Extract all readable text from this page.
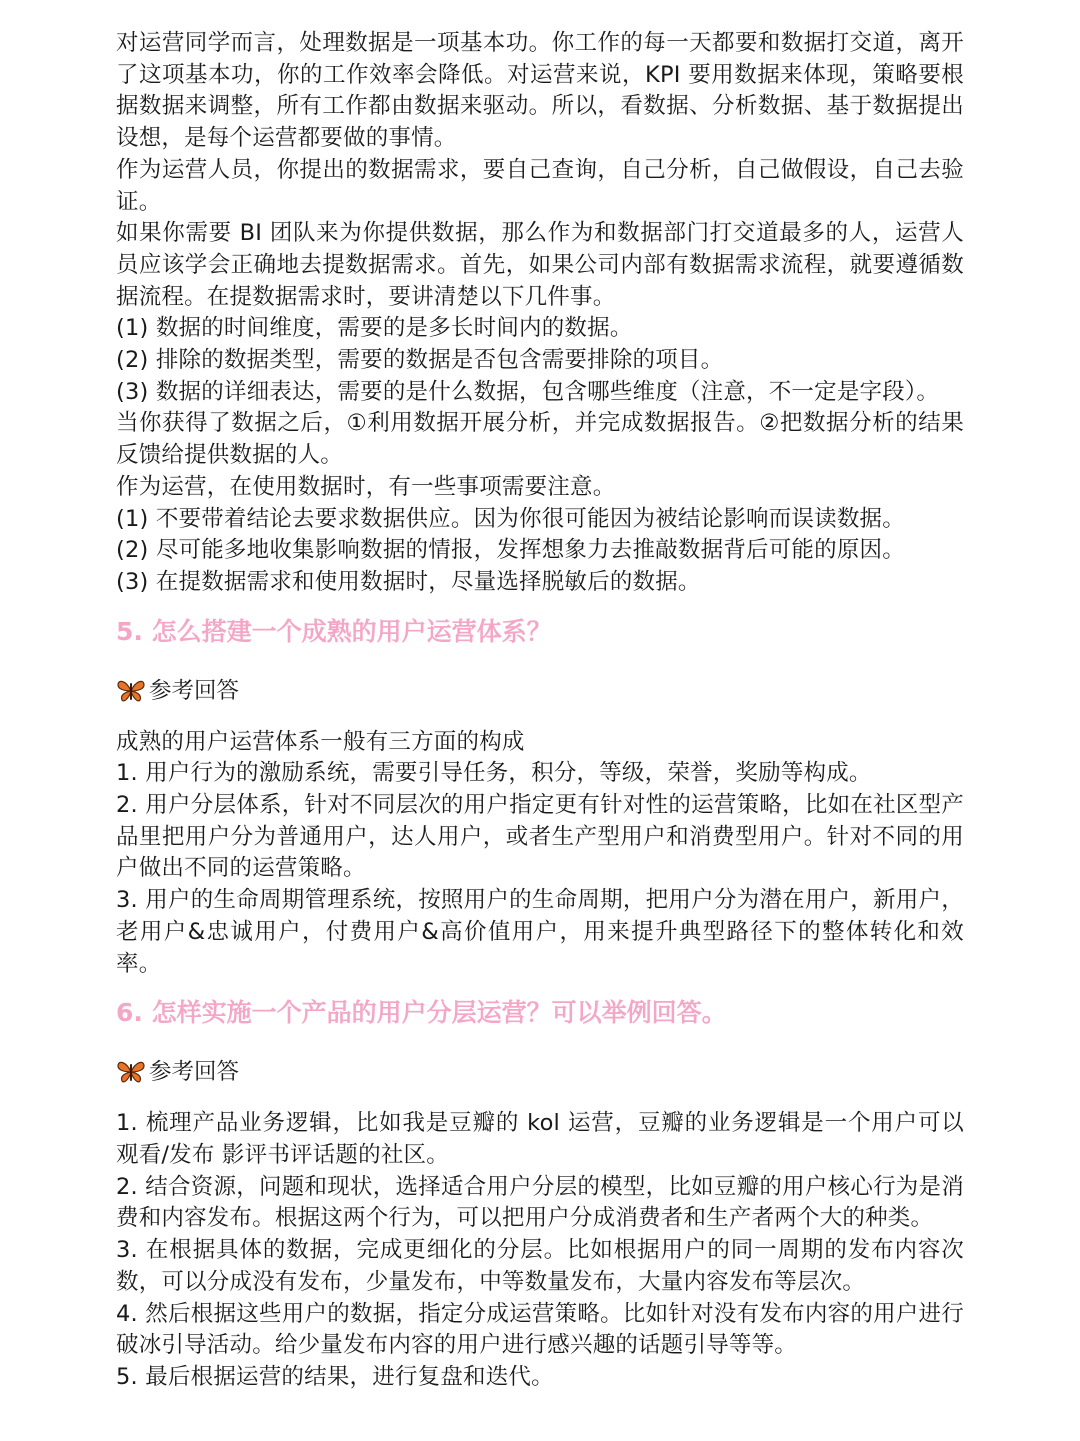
对运营同学而言，处理数据是一项基本功。你工作的每一天都要和数据打交道，离开了这项基本功，你的工作效率会降低。对运营来说，KPI 要用数据来体现，策略要根据数据来调整，所有工作都由数据来驱动。所以，看数据、分析数据、基于数据提出设想，是每个运营都要做的事情。

作为运营人员，你提出的数据需求，要自己查询，自己分析，自己做假设，自己去验证。

如果你需要 BI 团队来为你提供数据，那么作为和数据部门打交道最多的人，运营人员应该学会正确地去提数据需求。首先，如果公司内部有数据需求流程，就要遵循数据流程。在提数据需求时，要讲清楚以下几件事。

(1) 数据的时间维度，需要的是多长时间内的数据。

(2) 排除的数据类型，需要的数据是否包含需要排除的项目。

(3) 数据的详细表达，需要的是什么数据，包含哪些维度（注意，不一定是字段）。

当你获得了数据之后，①利用数据开展分析，并完成数据报告。②把数据分析的结果反馈给提供数据的人。

作为运营，在使用数据时，有一些事项需要注意。

(1) 不要带着结论去要求数据供应。因为你很可能因为被结论影响而误读数据。

(2) 尽可能多地收集影响数据的情报，发挥想象力去推敲数据背后可能的原因。

(3) 在提数据需求和使用数据时，尽量选择脱敏后的数据。

5. 怎么搭建一个成熟的用户运营体系？

参考回答

成熟的用户运营体系一般有三方面的构成

1. 用户行为的激励系统，需要引导任务，积分，等级，荣誉，奖励等构成。

2. 用户分层体系，针对不同层次的用户指定更有针对性的运营策略，比如在社区型产品里把用户分为普通用户，达人用户，或者生产型用户和消费型用户。针对不同的用户做出不同的运营策略。

3. 用户的生命周期管理系统，按照用户的生命周期，把用户分为潜在用户，新用户，老用户&忠诚用户，付费用户&高价值用户，用来提升典型路径下的整体转化和效率。

6. 怎样实施一个产品的用户分层运营？可以举例回答。

参考回答

1. 梳理产品业务逻辑，比如我是豆瓣的 kol 运营，豆瓣的业务逻辑是一个用户可以观看/发布 影评书评话题的社区。

2. 结合资源，问题和现状，选择适合用户分层的模型，比如豆瓣的用户核心行为是消费和内容发布。根据这两个行为，可以把用户分成消费者和生产者两个大的种类。

3. 在根据具体的数据，完成更细化的分层。比如根据用户的同一周期的发布内容次数，可以分成没有发布，少量发布，中等数量发布，大量内容发布等层次。

4. 然后根据这些用户的数据，指定分成运营策略。比如针对没有发布内容的用户进行破冰引导活动。给少量发布内容的用户进行感兴趣的话题引导等等。

5. 最后根据运营的结果，进行复盘和迭代。
